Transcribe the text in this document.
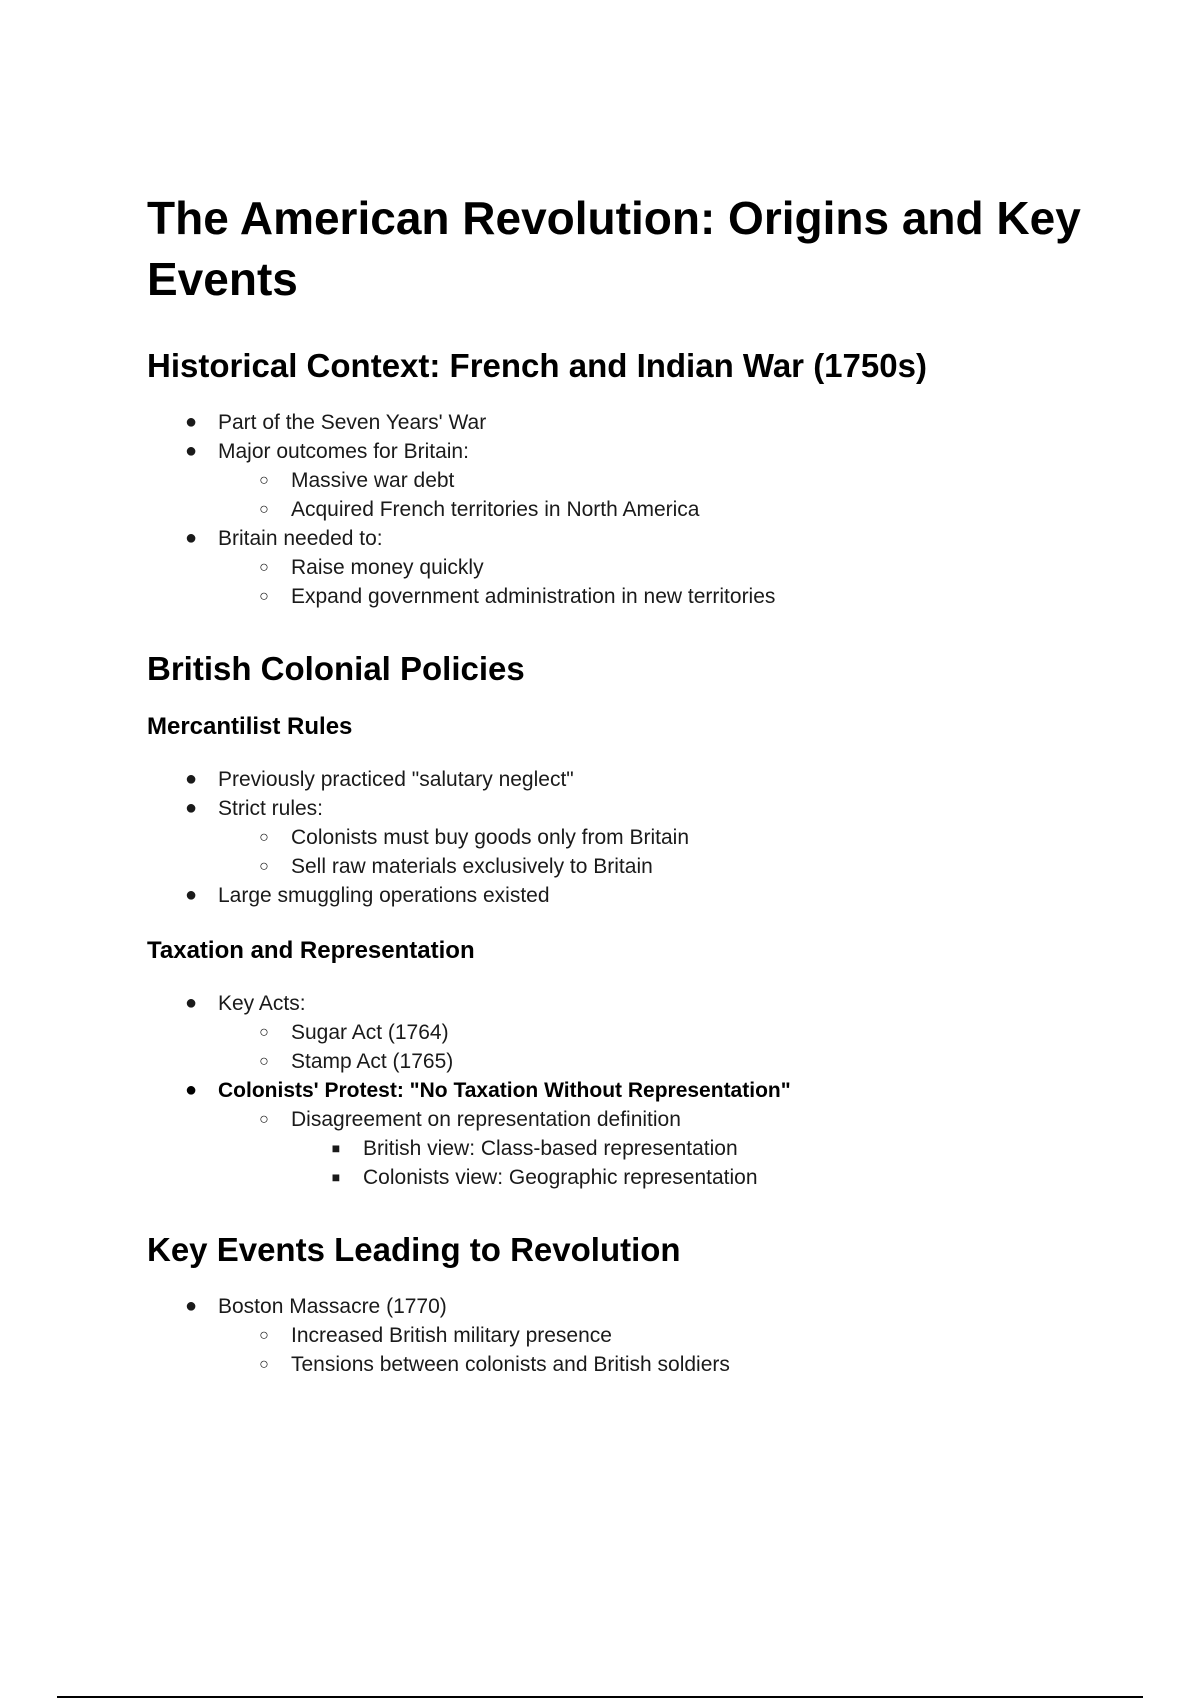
The American Revolution: Origins and Key Events
Historical Context: French and Indian War (1750s)
● Part of the Seven Years' War
● Major outcomes for Britain:
○ Massive war debt
○ Acquired French territories in North America
● Britain needed to:
○ Raise money quickly
○ Expand government administration in new territories
British Colonial Policies
Mercantilist Rules
● Previously practiced "salutary neglect"
● Strict rules:
○ Colonists must buy goods only from Britain
○ Sell raw materials exclusively to Britain
● Large smuggling operations existed
Taxation and Representation
● Key Acts:
○ Sugar Act (1764)
○ Stamp Act (1765)
● Colonists' Protest: "No Taxation Without Representation"
○ Disagreement on representation definition
■ British view: Class-based representation
■ Colonists view: Geographic representation
Key Events Leading to Revolution
● Boston Massacre (1770)
○ Increased British military presence
○ Tensions between colonists and British soldiers
